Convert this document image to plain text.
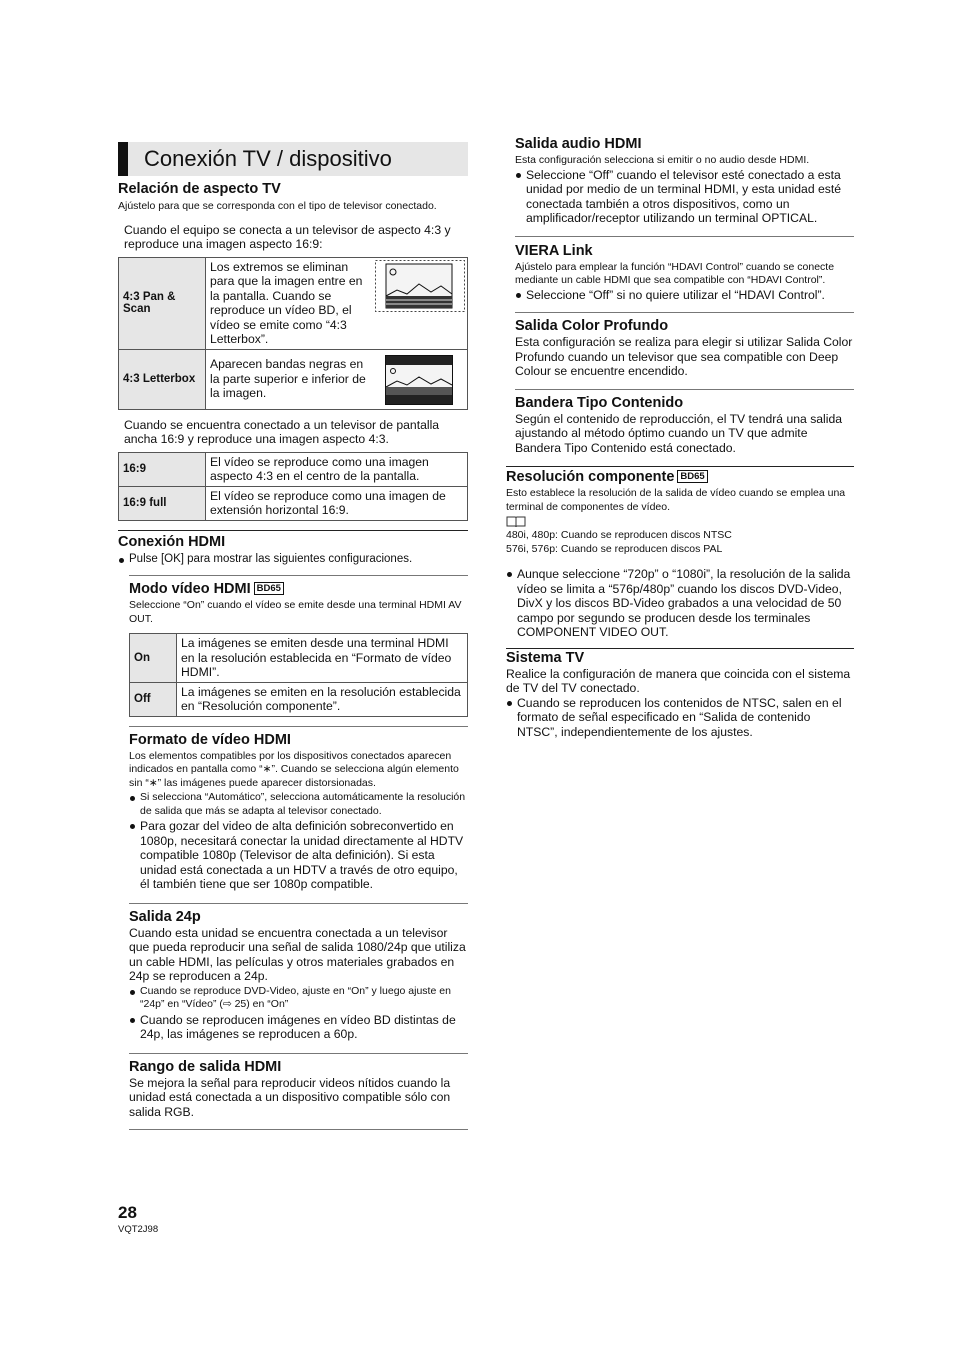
Conexión TV / dispositivo
Relación de aspecto TV
Ajústelo para que se corresponda con el tipo de televisor conectado.
Cuando el equipo se conecta a un televisor de aspecto 4:3 y reproduce una imagen aspecto 16:9:
4:3 Pan & Scan	Los extremos se eliminan para que la imagen entre en la pantalla. Cuando se reproduce un vídeo BD, el vídeo se emite como “4:3 Letterbox”.

4:3 Letterbox	Aparecen bandas negras en la parte superior e inferior de la imagen.
Cuando se encuentra conectado a un televisor de pantalla ancha 16:9 y reproduce una imagen aspecto 4:3.
16:9	El vídeo se reproduce como una imagen aspecto 4:3 en el centro de la pantalla.
16:9 full	El vídeo se reproduce como una imagen de extensión horizontal 16:9.
Conexión HDMI
Pulse [OK] para mostrar las siguientes configuraciones.
Modo vídeo HDMI BD65
Seleccione “On” cuando el vídeo se emite desde una terminal HDMI AV OUT.
On	La imágenes se emiten desde una terminal HDMI en la resolución establecida en “Formato de vídeo HDMI”.
Off	La imágenes se emiten en la resolución establecida en “Resolución componente”.
Formato de vídeo HDMI
Los elementos compatibles por los dispositivos conectados aparecen indicados en pantalla como “∗”. Cuando se selecciona algún elemento sin “∗” las imágenes puede aparecer distorsionadas.
Si selecciona “Automático”, selecciona automáticamente la resolución de salida que más se adapta al televisor conectado.
Para gozar del video de alta definición sobreconvertido en 1080p, necesitará conectar la unidad directamente al HDTV compatible 1080p (Televisor de alta definición). Si esta unidad está conectada a un HDTV a través de otro equipo, él también tiene que ser 1080p compatible.
Salida 24p
Cuando esta unidad se encuentra conectada a un televisor que pueda reproducir una señal de salida 1080/24p que utiliza un cable HDMI, las películas y otros materiales grabados en 24p se reproducen a 24p.
Cuando se reproduce DVD-Video, ajuste en “On” y luego ajuste en “24p” en “Vídeo” (⇨ 25) en “On”
Cuando se reproducen imágenes en vídeo BD distintas de 24p, las imágenes se reproducen a 60p.
Rango de salida HDMI
Se mejora la señal para reproducir videos nítidos cuando la unidad está conectada a un dispositivo compatible sólo con salida RGB.
Salida audio HDMI
Esta configuración selecciona si emitir o no audio desde HDMI.
Seleccione “Off” cuando el televisor esté conectado a esta unidad por medio de un terminal HDMI, y esta unidad esté conectada también a otros dispositivos, como un amplificador/receptor utilizando un terminal OPTICAL.
VIERA Link
Ajústelo para emplear la función “HDAVI Control” cuando se conecte mediante un cable HDMI que sea compatible con “HDAVI Control”.
Seleccione “Off” si no quiere utilizar el “HDAVI Control”.
Salida Color Profundo
Esta configuración se realiza para elegir si utilizar Salida Color Profundo cuando un televisor que sea compatible con Deep Colour se encuentre encendido.
Bandera Tipo Contenido
Según el contenido de reproducción, el TV tendrá una salida ajustando al método óptimo cuando un TV que admite Bandera Tipo Contenido está conectado.
Resolución componente BD65
Esto establece la resolución de la salida de vídeo cuando se emplea una terminal de componentes de vídeo.
480i, 480p: Cuando se reproducen discos NTSC
576i, 576p: Cuando se reproducen discos PAL
Aunque seleccione “720p” o “1080i”, la resolución de la salida vídeo se limita a “576p/480p” cuando los discos DVD-Video, DivX y los discos BD-Video grabados a una velocidad de 50 campo por segundo se producen desde los terminales COMPONENT VIDEO OUT.
Sistema TV
Realice la configuración de manera que coincida con el sistema de TV del TV conectado.
Cuando se reproducen los contenidos de NTSC, salen en el formato de señal especificado en “Salida de contenido NTSC”, independientemente de los ajustes.
28
VQT2J98
